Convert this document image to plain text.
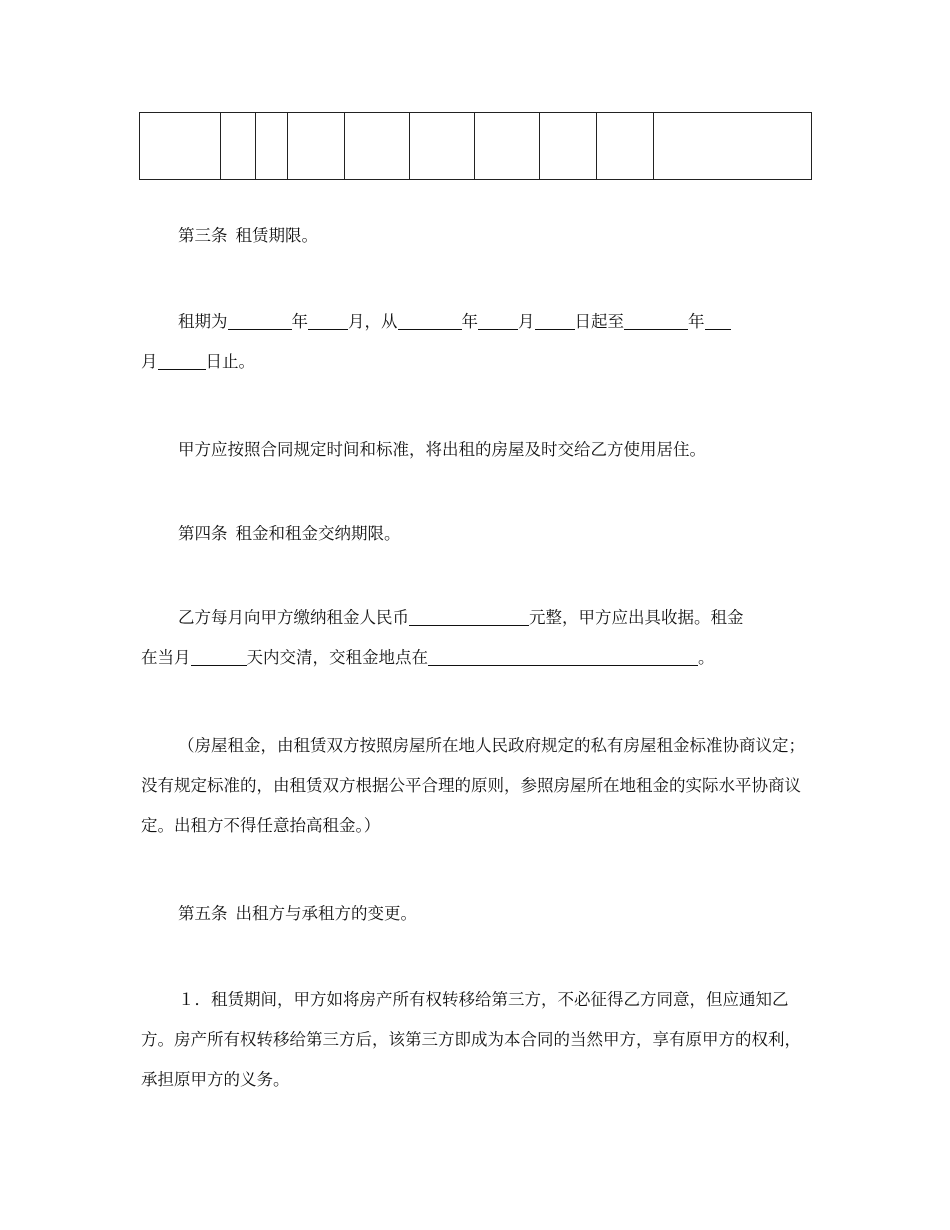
第三条 租赁期限。

租期为	年 月，从	年 月 日起至	年

月	日止。

甲方应按照合同规定时间和标准，将出租的房屋及时交给乙方使用居住。

第四条 租金和租金交纳期限。

乙方每月向甲方缴纳租金人民币	元整，甲方应出具收据。租金

在当月	天内交清，交租金地点在	。

（房屋租金，由租赁双方按照房屋所在地人民政府规定的私有房屋租金标准协商议定；没有规定标准的，由租赁双方根据公平合理的原则，参照房屋所在地租金的实际水平协商议定。出租方不得任意抬高租金。）

第五条 出租方与承租方的变更。

１．租赁期间，甲方如将房产所有权转移给第三方，不必征得乙方同意，但应通知乙方。房产所有权转移给第三方后，该第三方即成为本合同的当然甲方，享有原甲方的权利，承担原甲方的义务。
